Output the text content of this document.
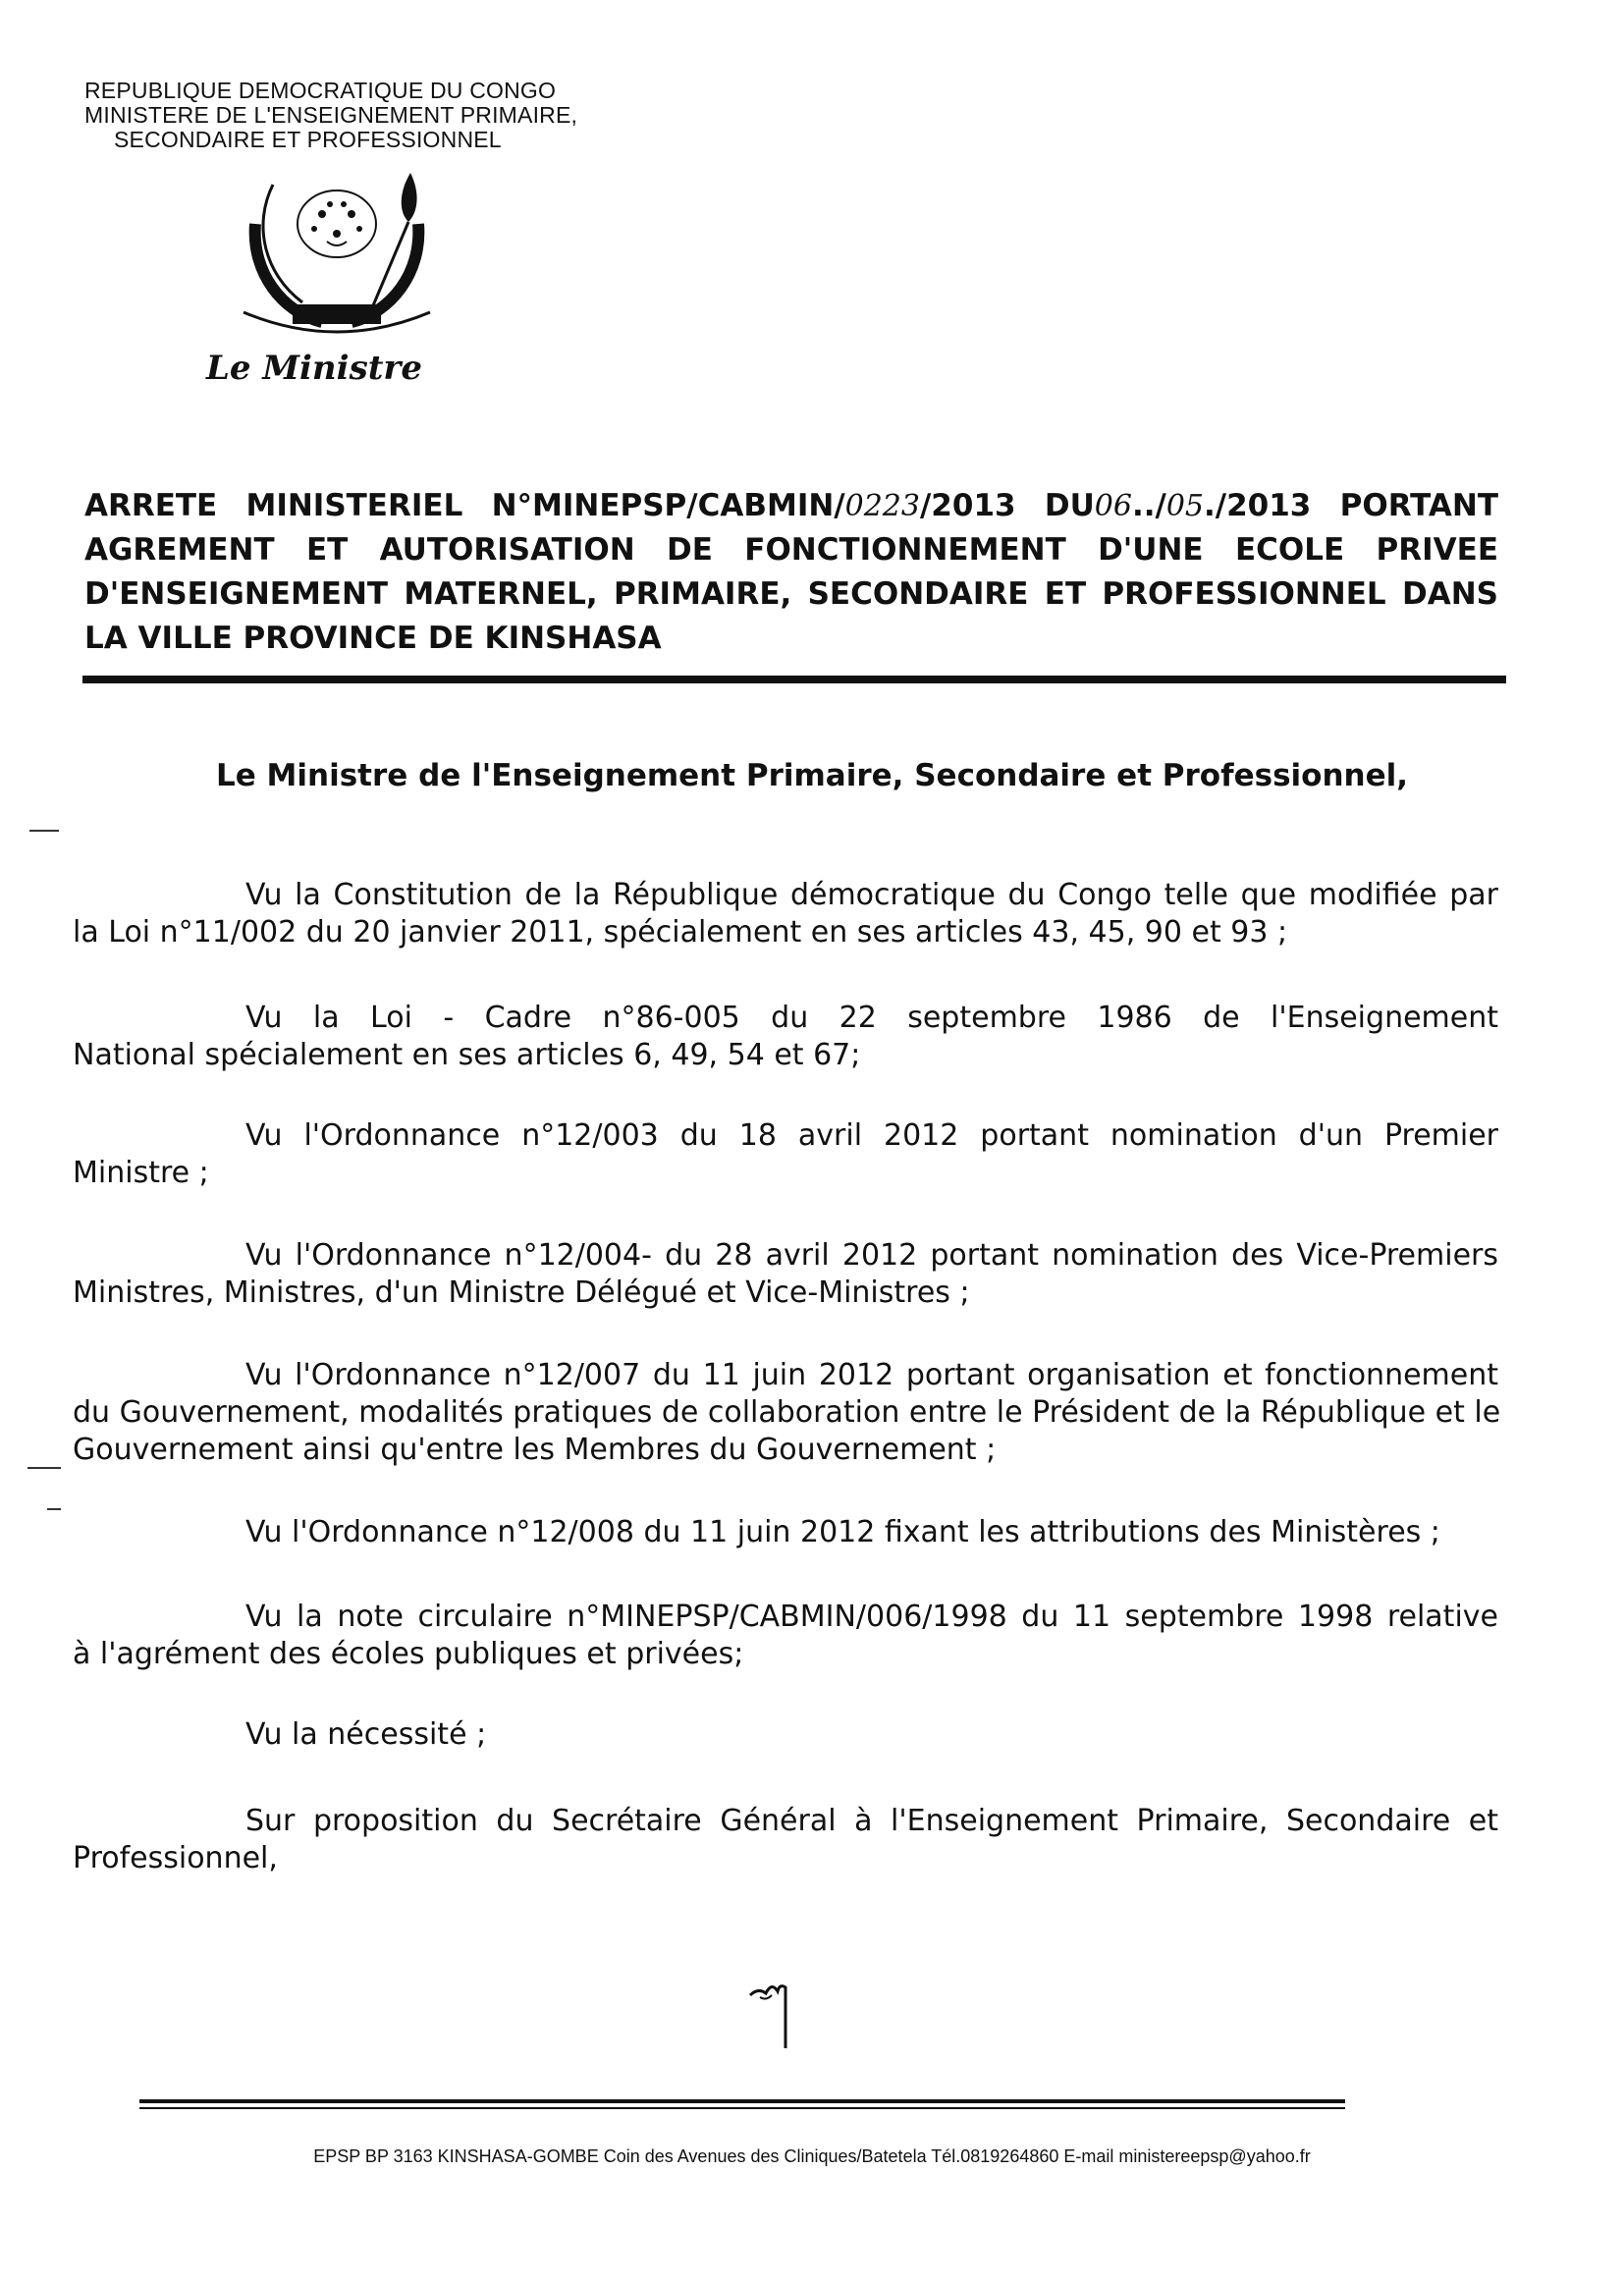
REPUBLIQUE DEMOCRATIQUE DU CONGO

MINISTERE DE L'ENSEIGNEMENT PRIMAIRE,

SECONDAIRE ET PROFESSIONNEL

Le Ministre
ARRETE MINISTERIEL N°MINEPSP/CABMIN/0223/2013 DU06../05./2013 PORTANT
AGREMENT ET AUTORISATION DE FONCTIONNEMENT D'UNE ECOLE PRIVEE
D'ENSEIGNEMENT MATERNEL, PRIMAIRE, SECONDAIRE ET PROFESSIONNEL DANS
LA VILLE PROVINCE DE KINSHASA
Le Ministre de l'Enseignement Primaire, Secondaire et Professionnel,

Vu la Constitution de la République démocratique du Congo telle que modifiée par
la Loi n°11/002 du 20 janvier 2011, spécialement en ses articles 43, 45, 90 et 93 ;

Vu la Loi - Cadre n°86-005 du 22 septembre 1986 de l'Enseignement
National spécialement en ses articles 6, 49, 54 et 67;

Vu l'Ordonnance n°12/003 du 18 avril 2012 portant nomination d'un Premier
Ministre ;

Vu l'Ordonnance n°12/004- du 28 avril 2012 portant nomination des Vice-Premiers
Ministres, Ministres, d'un Ministre Délégué et Vice-Ministres ;

Vu l'Ordonnance n°12/007 du 11 juin 2012 portant organisation et fonctionnement
du Gouvernement, modalités pratiques de collaboration entre le Président de la République et le
Gouvernement ainsi qu'entre les Membres du Gouvernement ;

Vu l'Ordonnance n°12/008 du 11 juin 2012 fixant les attributions des Ministères ;

Vu la note circulaire n°MINEPSP/CABMIN/006/1998 du 11 septembre 1998 relative
à l'agrément des écoles publiques et privées;

Vu la nécessité ;

Sur proposition du Secrétaire Général à l'Enseignement Primaire, Secondaire et
Professionnel,

EPSP BP 3163 KINSHASA-GOMBE Coin des Avenues des Cliniques/Batetela Tél.0819264860 E-mail ministereepsp@yahoo.fr
